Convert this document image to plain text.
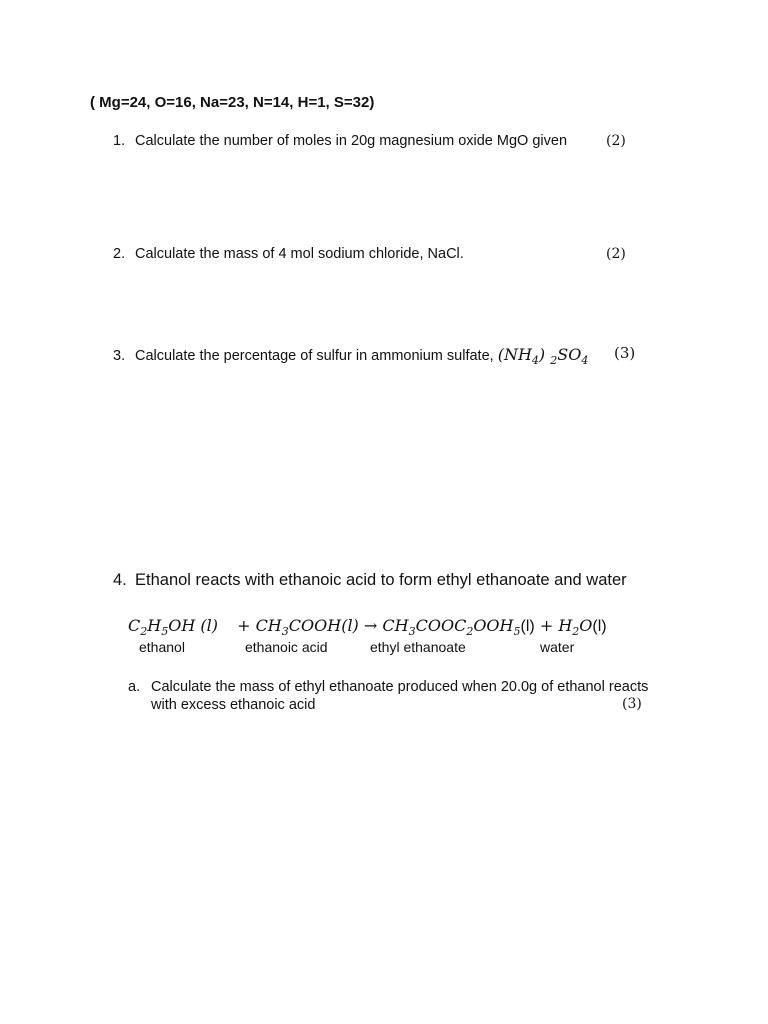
( Mg=24, O=16, Na=23, N=14, H=1, S=32)
1. Calculate the number of moles in 20g magnesium oxide MgO given	(2)
2. Calculate the mass of 4 mol sodium chloride, NaCl.	(2)
3. Calculate the percentage of sulfur in ammonium sulfate, $(NH_4)$ $_2SO_4$ (3)
4. Ethanol reacts with ethanoic acid to form ethyl ethanoate and water
$C_2H_5OH$ $(l) + CH_3COOH(l)$ → $CH_3COOC_2OOH_5(l) + H_2O(l)$
ethanol	ethanoic acid	ethyl ethanoate	water
a. Calculate the mass of ethyl ethanoate produced when 20.0g of ethanol reacts
with excess ethanoic acid	(3)
